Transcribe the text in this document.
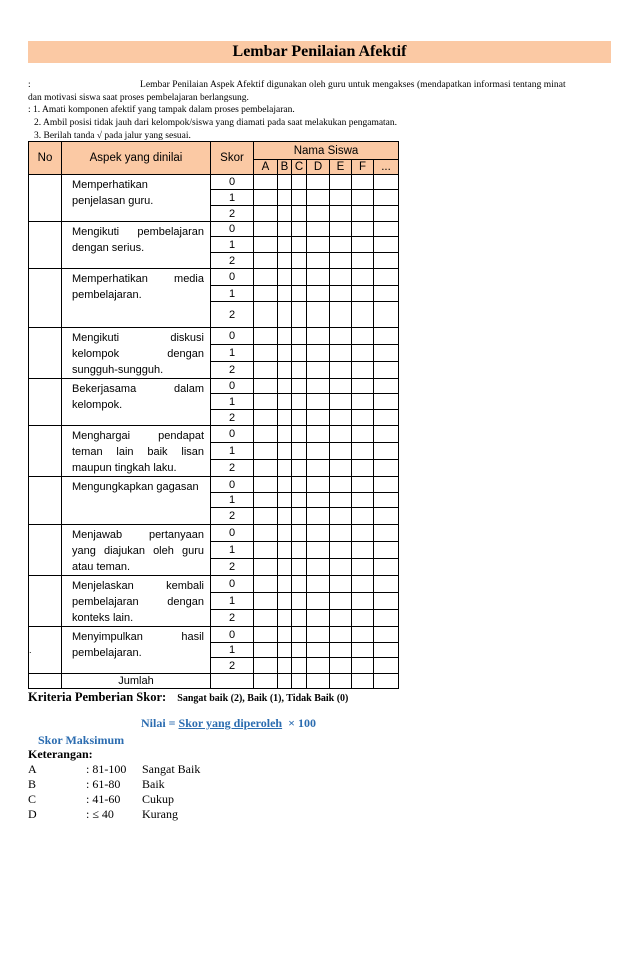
Lembar Penilaian Afektif
:	Lembar Penilaian Aspek Afektif digunakan oleh guru untuk mengakses (mendapatkan informasi tentang minat
dan motivasi siswa saat proses pembelajaran berlangsung.
: 1. Amati komponen afektif yang tampak dalam proses pembelajaran.
2. Ambil posisi tidak jauh dari kelompok/siswa yang diamati pada saat melakukan pengamatan.
3. Berilah tanda √ pada jalur yang sesuai.
No	Aspek yang dinilai	Skor	Nama Siswa						
			A	B	C	D	E	F	...
	Memperhatikan penjelasan guru.	0							
		1							
		2							
	Mengikuti pembelajaran dengan serius.	0							
		1							
		2							
	Memperhatikan media pembelajaran.	0							
		1							
		2							
	Mengikuti diskusi kelompok dengan sungguh-sungguh.	0							
		1							
		2							
	Bekerjasama dalam kelompok.	0							
		1							
		2							
	Menghargai pendapat teman lain baik lisan maupun tingkah laku.	0							
		1							
		2							
	Mengungkapkan gagasan	0							
		1							
		2							
	Menjawab pertanyaan yang diajukan oleh guru atau teman.	0							
		1							
		2							
	Menjelaskan kembali pembelajaran dengan konteks lain.	0							
		1							
		2							
.	Menyimpulkan hasil pembelajaran.	0							
		1							
		2							
	Jumlah								
Kriteria Pemberian Skor: Sangat baik (2), Baik (1), Tidak Baik (0)
Nilai = Skor yang diperoleh × 100
Skor Maksimum
Keterangan:
A	: 81-100 Sangat Baik
B	: 61-80 Baik
C	: 41-60 Cukup
D	: ≤ 40 Kurang
